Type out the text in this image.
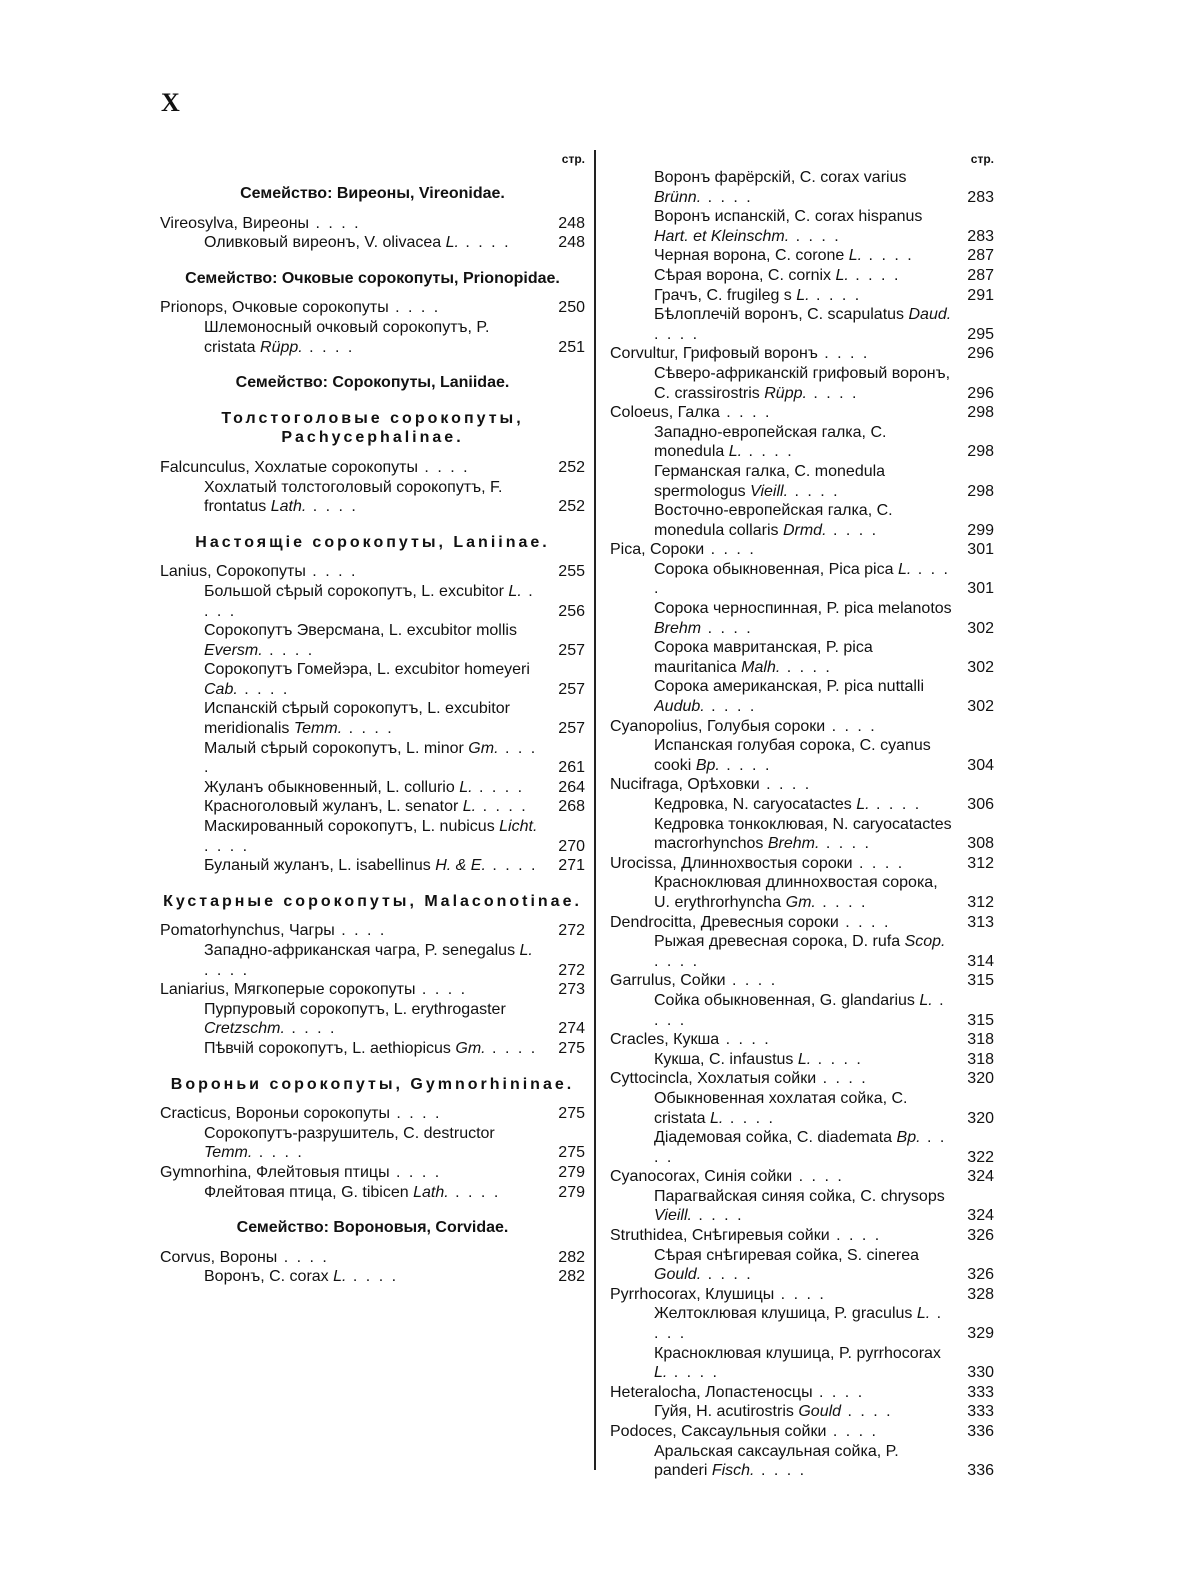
X
стр.
Семейство: Виреоны, Vireonidae.
Vireosylva, Виреоны . . . .	248
Оливковый виреонъ, V. olivacea L. . . . .	248
Семейство: Очковые сорокопуты, Prionopidae.
Prionops, Очковые сорокопуты . . . .	250
Шлемоносный очковый сорокопутъ, P. cristata Rüpp. . . . .	251
Семейство: Сорокопуты, Laniidae.
Толстоголовые сорокопуты, Pachycephalinae.
Falcunculus, Хохлатые сорокопуты . . . .	252
Хохлатый толстоголовый сорокопутъ, F. frontatus Lath. . . . .	252
Настоящіе сорокопуты, Laniinae.
Lanius, Сорокопуты . . . .	255
Большой сѣрый сорокопутъ, L. excubitor L. . . . .	256
Сорокопутъ Эверсмана, L. excubitor mollis Eversm. . . . .	257
Сорокопутъ Гомейэра, L. excubitor homeyeri Cab. . . . .	257
Испанскій сѣрый сорокопутъ, L. excubitor meridionalis Temm. . . . .	257
Малый сѣрый сорокопутъ, L. minor Gm. . . . .	261
Жуланъ обыкновенный, L. collurio L. . . . .	264
Красноголовый жуланъ, L. senator L. . . . .	268
Маскированный сорокопутъ, L. nubicus Licht. . . . .	270
Буланый жуланъ, L. isabellinus H. & E. . . . .	271
Кустарные сорокопуты, Malaconotinae.
Pomatorhynchus, Чагры . . . .	272
Западно-африканская чагра, P. senegalus L. . . . .	272
Laniarius, Мягкоперые сорокопуты . . . .	273
Пурпуровый сорокопутъ, L. erythrogaster Cretzschm. . . . .	274
Пѣвчій сорокопутъ, L. aethiopicus Gm. . . . .	275
Вороньи сорокопуты, Gymnorhininae.
Cracticus, Вороньи сорокопуты . . . .	275
Сорокопутъ-разрушитель, C. destructor Temm. . . . .	275
Gymnorhina, Флейтовыя птицы . . . .	279
Флейтовая птица, G. tibicen Lath. . . . .	279
Семейство: Вороновыя, Corvidae.
Corvus, Вороны . . . .	282
Воронъ, C. corax L. . . . .	282
стр.
Воронъ фарёрскій, C. corax varius Brünn. . . . .	283
Воронъ испанскій, C. corax hispanus Hart. et Kleinschm. . . . .	283
Черная ворона, C. corone L. . . . .	287
Сѣрая ворона, C. cornix L. . . . .	287
Грачъ, C. frugileg s L. . . . .	291
Бѣлоплечій воронъ, C. scapulatus Daud. . . . .	295
Corvultur, Грифовый воронъ . . . .	296
Сѣверо-африканскій грифовый воронъ, C. crassirostris Rüpp. . . . .	296
Coloeus, Галка . . . .	298
Западно-европейская галка, C. monedula L. . . . .	298
Германская галка, C. monedula spermologus Vieill. . . . .	298
Восточно-европейская галка, C. monedula collaris Drmd. . . . .	299
Pica, Сороки . . . .	301
Сорока обыкновенная, Pica pica L. . . . .	301
Сорока черноспинная, P. pica melanotos Brehm . . . .	302
Сорока мавританская, P. pica mauritanica Malh. . . . .	302
Сорока американская, P. pica nuttalli Audub. . . . .	302
Cyanopolius, Голубыя сороки . . . .
Испанская голубая сорока, C. cyanus cooki Bp. . . . .	304
Nucifraga, Орѣховки . . . .
Кедровка, N. caryocatactes L. . . . .	306
Кедровка тонкоклювая, N. caryocatactes macrorhynchos Brehm. . . . .	308
Urocissa, Длиннохвостыя сороки . . . .	312
Красноклювая длиннохвостая сорока, U. erythrorhyncha Gm. . . . .	312
Dendrocitta, Древесныя сороки . . . .	313
Рыжая древесная сорока, D. rufa Scop. . . . .	314
Garrulus, Сойки . . . .	315
Сойка обыкновенная, G. glandarius L. . . . .	315
Cracles, Кукша . . . .	318
Кукша, C. infaustus L. . . . .	318
Cyttocincla, Хохлатыя сойки . . . .	320
Обыкновенная хохлатая сойка, C. cristata L. . . . .	320
Діадемовая сойка, C. diademata Bp. . . . .	322
Cyanocorax, Синія сойки . . . .	324
Парагвайская синяя сойка, C. chrysops Vieill. . . . .	324
Struthidea, Снѣгиревыя сойки . . . .	326
Сѣрая снѣгиревая сойка, S. cinerea Gould. . . . .	326
Pyrrhocorax, Клушицы . . . .	328
Желтоклювая клушица, P. graculus L. . . . .	329
Красноклювая клушица, P. pyrrhocorax L. . . . .	330
Heteralocha, Лопастеносцы . . . .	333
Гуйя, H. acutirostris Gould . . . .	333
Podoces, Саксаульныя сойки . . . .	336
Аральская саксаульная сойка, P. panderi Fisch. . . . .	336
